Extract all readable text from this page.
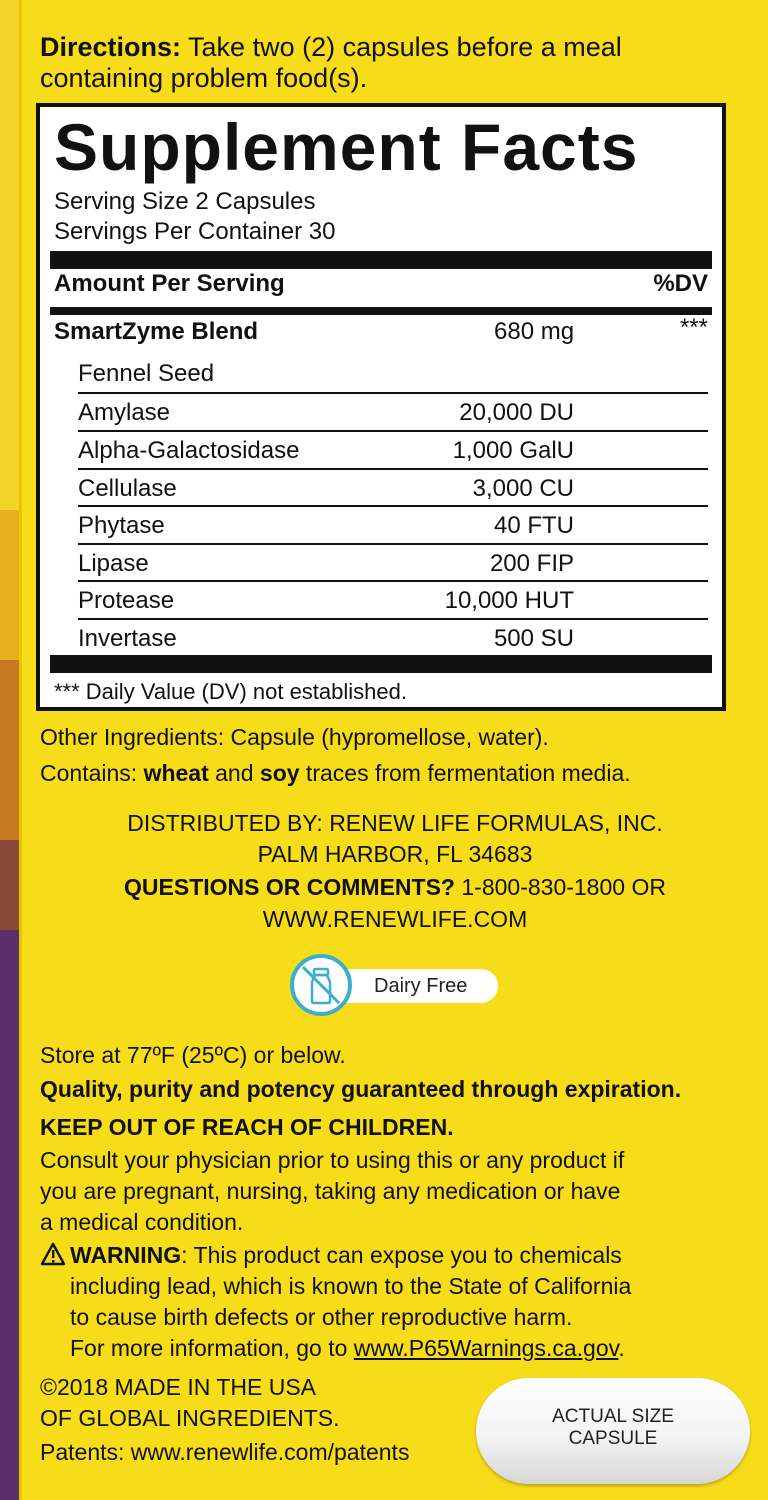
Directions: Take two (2) capsules before a meal containing problem food(s).
Supplement Facts
Serving Size 2 Capsules
Servings Per Container 30
Amount Per Serving	%DV
SmartZyme Blend	680 mg	***
Fennel Seed
Amylase	20,000 DU
Alpha-Galactosidase	1,000 GalU
Cellulase	3,000 CU
Phytase	40 FTU
Lipase	200 FIP
Protease	10,000 HUT
Invertase	500 SU
*** Daily Value (DV) not established.
Other Ingredients: Capsule (hypromellose, water).
Contains: wheat and soy traces from fermentation media.
DISTRIBUTED BY: RENEW LIFE FORMULAS, INC.
PALM HARBOR, FL 34683
QUESTIONS OR COMMENTS? 1-800-830-1800 OR
WWW.RENEWLIFE.COM
Dairy Free
Store at 77ºF (25ºC) or below.
Quality, purity and potency guaranteed through expiration.
KEEP OUT OF REACH OF CHILDREN.
Consult your physician prior to using this or any product if
you are pregnant, nursing, taking any medication or have
a medical condition.
WARNING: This product can expose you to chemicals
including lead, which is known to the State of California
to cause birth defects or other reproductive harm.
For more information, go to www.P65Warnings.ca.gov.
©2018 MADE IN THE USA
OF GLOBAL INGREDIENTS.
Patents: www.renewlife.com/patents
ACTUAL SIZE
CAPSULE
